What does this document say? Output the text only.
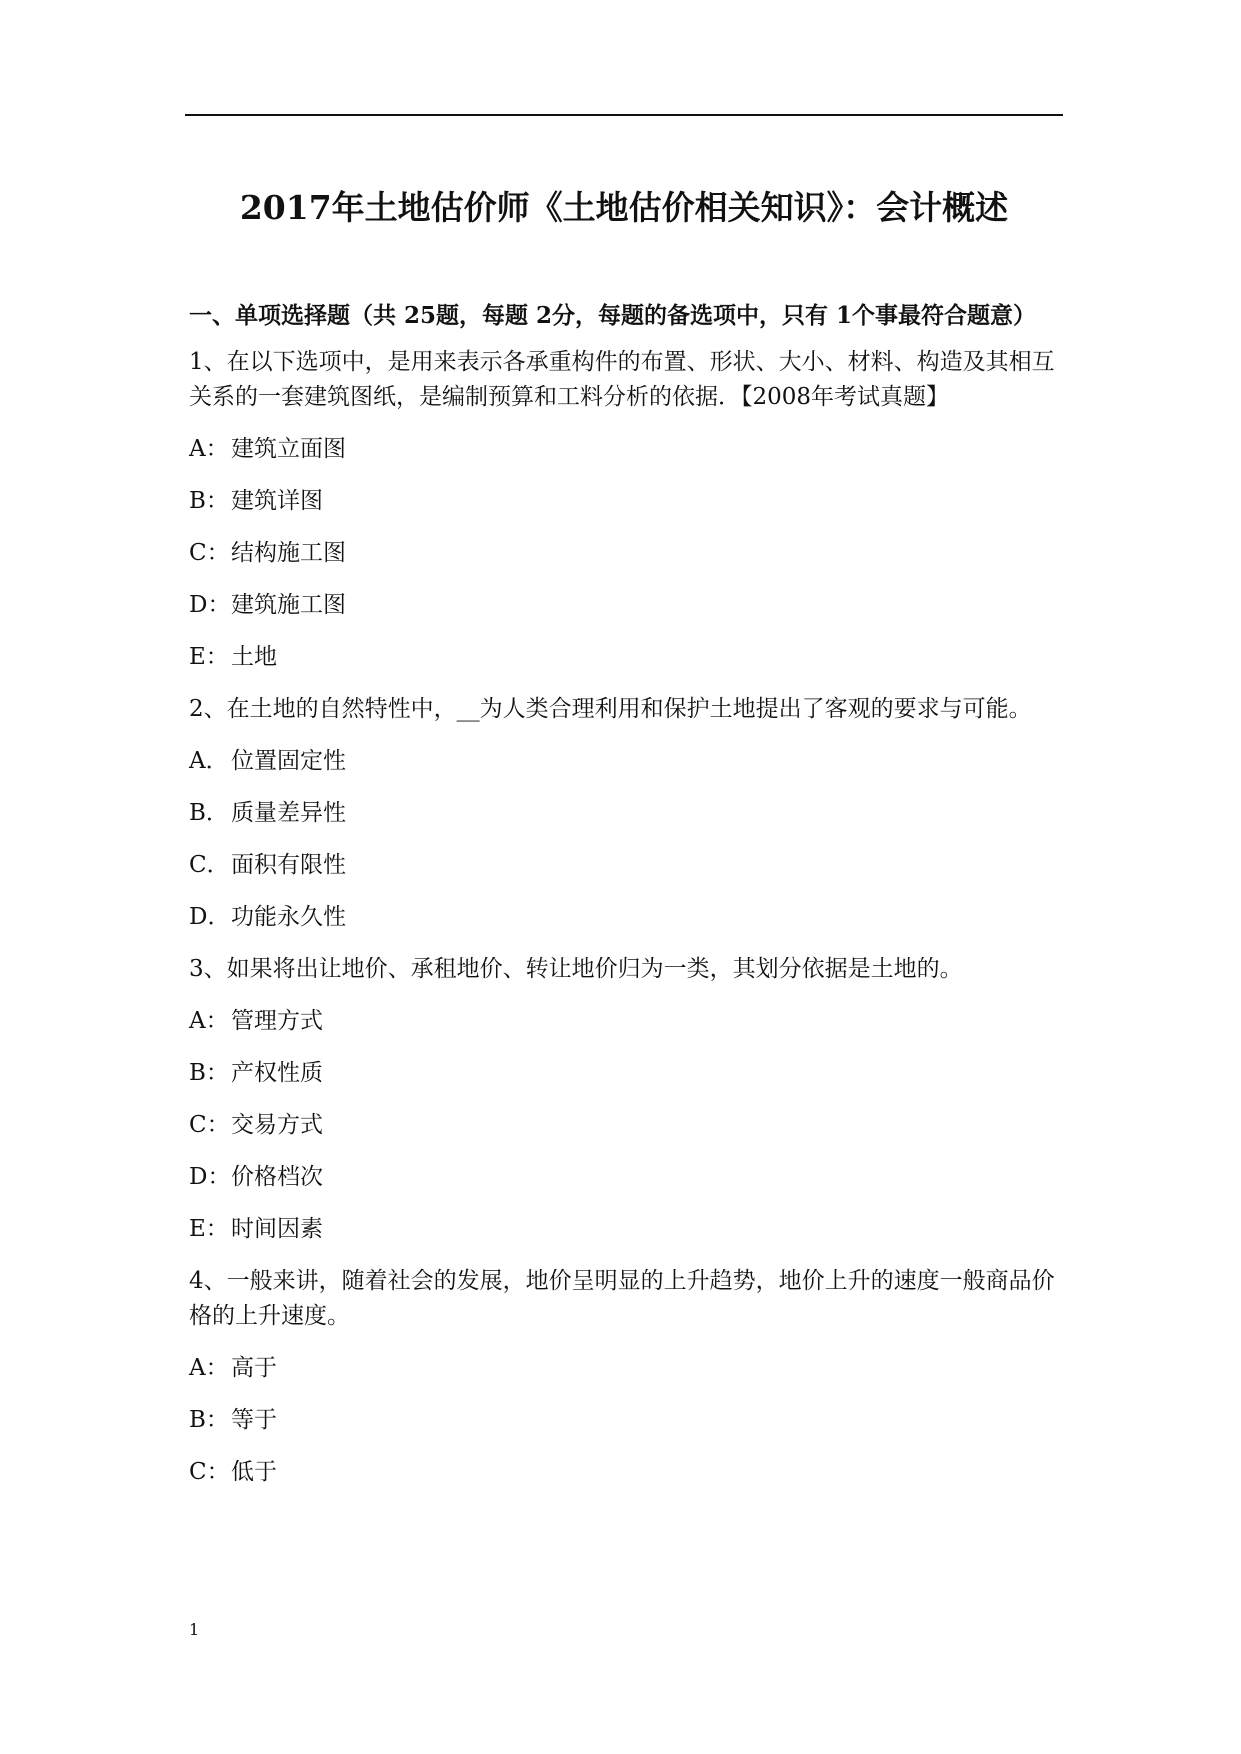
2017年土地估价师《土地估价相关知识》：会计概述
一、单项选择题（共 25题，每题 2分，每题的备选项中，只有 1个事最符合题意）
1、在以下选项中，是用来表示各承重构件的布置、形状、大小、材料、构造及其相互关系的一套建筑图纸，是编制预算和工料分析的依据．【2008年考试真题】
A： 建筑立面图
B：建筑详图
C：结构施工图
D：建筑施工图
E：土地
2、在土地的自然特性中，__为人类合理利用和保护土地提出了客观的要求与可能。
A． 位置固定性
B．质量差异性
C．面积有限性
D．功能永久性
3、如果将出让地价、承租地价、转让地价归为一类，其划分依据是土地的。
A： 管理方式
B：产权性质
C：交易方式
D：价格档次
E：时间因素
4、一般来讲，随着社会的发展，地价呈明显的上升趋势，地价上升的速度一般商品价格的上升速度。
A： 高于
B：等于
C：低于
1
